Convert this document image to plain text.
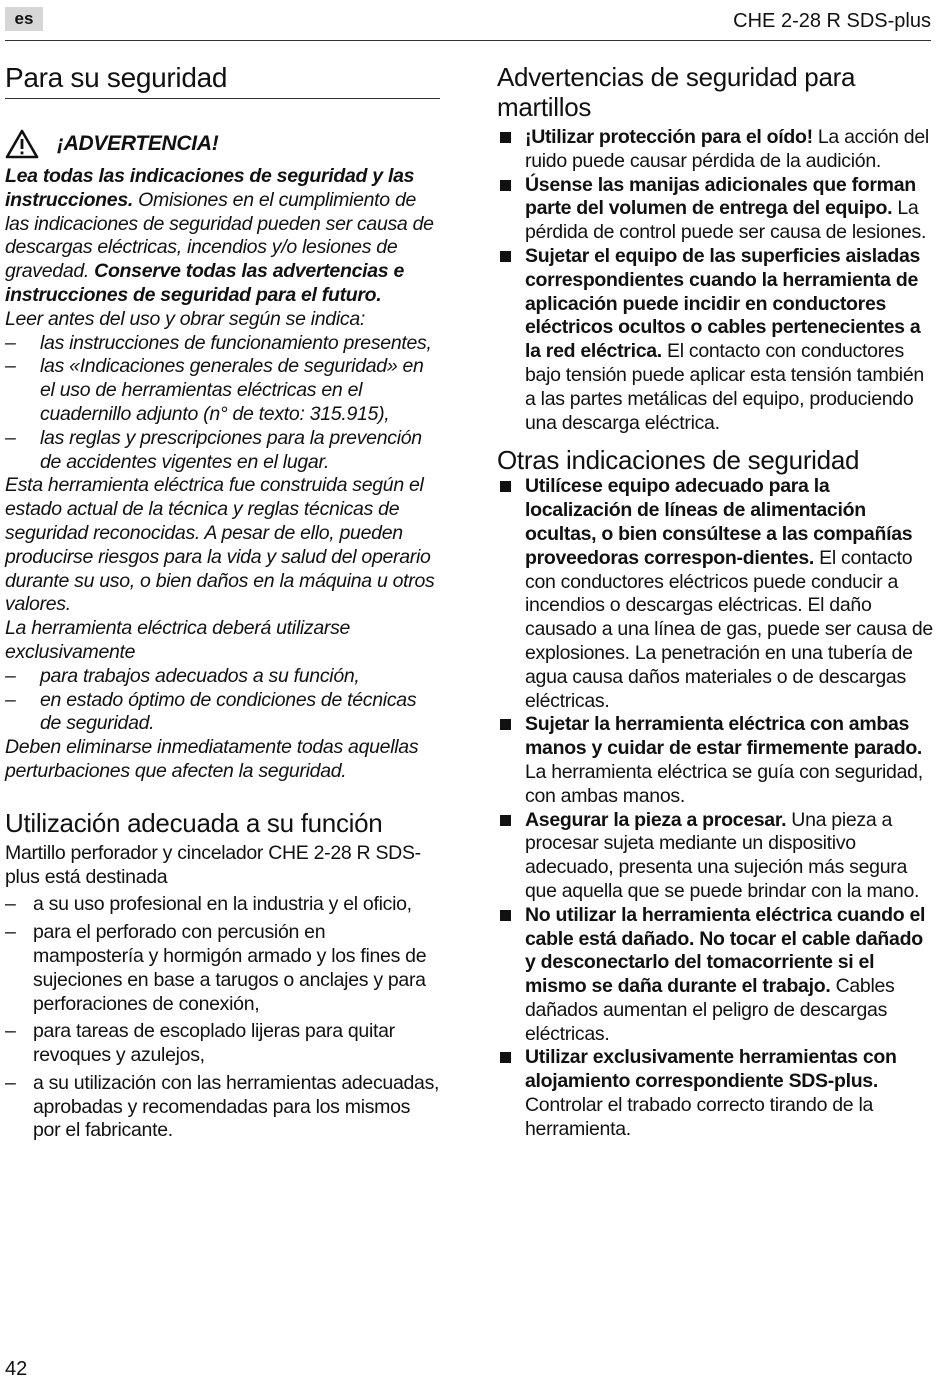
es	CHE 2-28 R SDS-plus
Para su seguridad
¡ADVERTENCIA!

Lea todas las indicaciones de seguridad y las instrucciones. Omisiones en el cumplimiento de las indicaciones de seguridad pueden ser causa de descargas eléctricas, incendios y/o lesiones de gravedad. Conserve todas las advertencias e instrucciones de seguridad para el futuro.

Leer antes del uso y obrar según se indica:

– las instrucciones de funcionamiento presentes,
– las «Indicaciones generales de seguridad» en el uso de herramientas eléctricas en el cuadernillo adjunto (n° de texto: 315.915),
– las reglas y prescripciones para la prevención de accidentes vigentes en el lugar.

Esta herramienta eléctrica fue construida según el estado actual de la técnica y reglas técnicas de seguridad reconocidas. A pesar de ello, pueden producirse riesgos para la vida y salud del operario durante su uso, o bien daños en la máquina u otros valores.

La herramienta eléctrica deberá utilizarse exclusivamente

– para trabajos adecuados a su función,
– en estado óptimo de condiciones de técnicas de seguridad.

Deben eliminarse inmediatamente todas aquellas perturbaciones que afecten la seguridad.

Utilización adecuada a su función

Martillo perforador y cincelador CHE 2-28 R SDS-plus está destinada

– a su uso profesional en la industria y el oficio,
– para el perforado con percusión en mampostería y hormigón armado y los fines de sujeciones en base a tarugos o anclajes y para perforaciones de conexión,
– para tareas de escoplado lijeras para quitar revoques y azulejos,
– a su utilización con las herramientas adecuadas, aprobadas y recomendadas para los mismos por el fabricante.
Advertencias de seguridad para martillos
¡Utilizar protección para el oído! La acción del ruido puede causar pérdida de la audición.
Úsense las manijas adicionales que forman parte del volumen de entrega del equipo. La pérdida de control puede ser causa de lesiones.
Sujetar el equipo de las superficies aisladas correspondientes cuando la herramienta de aplicación puede incidir en conductores eléctricos ocultos o cables pertenecientes a la red eléctrica. El contacto con conductores bajo tensión puede aplicar esta tensión también a las partes metálicas del equipo, produciendo una descarga eléctrica.
Otras indicaciones de seguridad
Utilícese equipo adecuado para la localización de líneas de alimentación ocultas, o bien consúltese a las compañías proveedoras correspon-dientes. El contacto con conductores eléctricos puede conducir a incendios o descargas eléctricas. El daño causado a una línea de gas, puede ser causa de explosiones. La penetración en una tubería de agua causa daños materiales o de descargas eléctricas.
Sujetar la herramienta eléctrica con ambas manos y cuidar de estar firmemente parado. La herramienta eléctrica se guía con seguridad, con ambas manos.
Asegurar la pieza a procesar. Una pieza a procesar sujeta mediante un dispositivo adecuado, presenta una sujeción más segura que aquella que se puede brindar con la mano.
No utilizar la herramienta eléctrica cuando el cable está dañado. No tocar el cable dañado y desconectarlo del tomacorriente si el mismo se daña durante el trabajo. Cables dañados aumentan el peligro de descargas eléctricas.
Utilizar exclusivamente herramientas con alojamiento correspondiente SDS-plus. Controlar el trabado correcto tirando de la herramienta.
42
